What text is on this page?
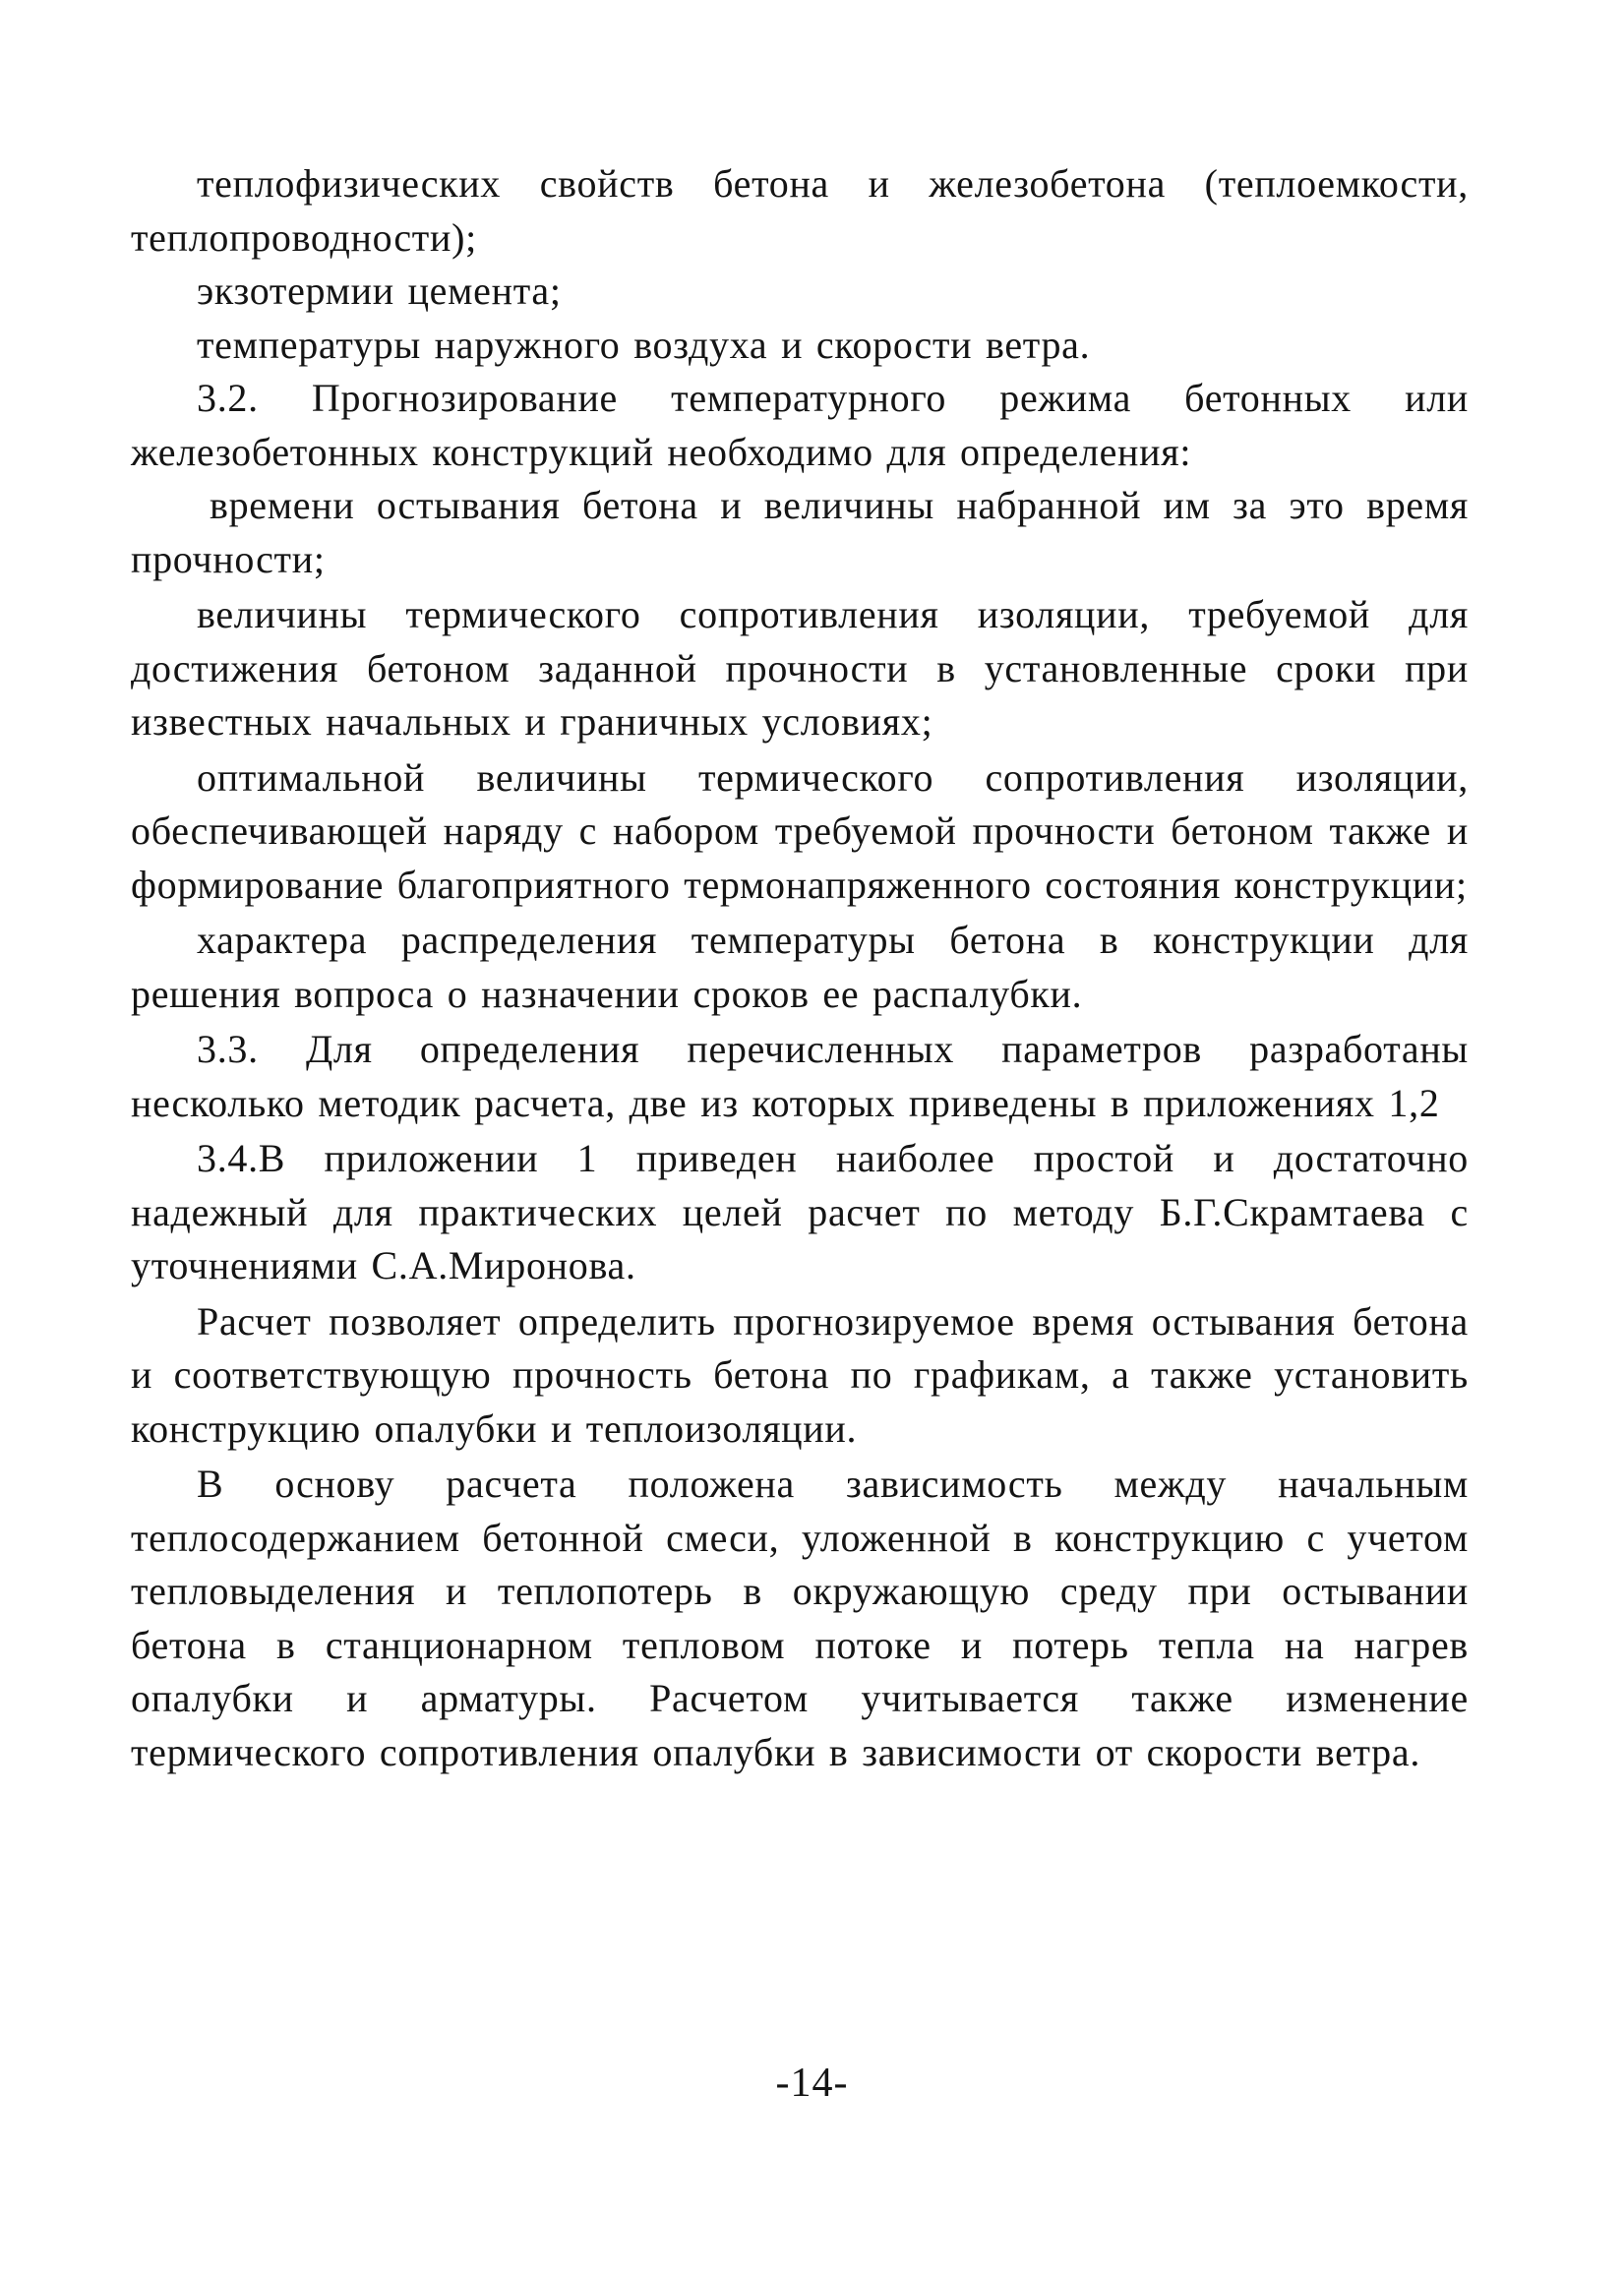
теплофизических свойств бетона и железобетона (теплоемкости, теплопроводности);

экзотермии цемента;

температуры наружного воздуха и скорости ветра.

3.2. Прогнозирование температурного режима бетонных или железобетонных конструкций необходимо для определения:

времени остывания бетона и величины набранной им за это время прочности;

величины термического сопротивления изоляции, требуемой для достижения бетоном заданной прочности в установленные сроки при известных начальных и граничных условиях;

оптимальной величины термического сопротивления изоляции, обеспечивающей наряду с набором требуемой прочности бетоном также и формирование благоприятного термонапряженного состояния конструкции;

характера распределения температуры бетона в конструкции для решения вопроса о назначении сроков ее распалубки.

3.3. Для определения перечисленных параметров разработаны несколько методик расчета, две из которых приведены в приложениях 1,2

3.4.В приложении 1 приведен наиболее простой и достаточно надежный для практических целей расчет по методу Б.Г.Скрамтаева с уточнениями С.А.Миронова.

Расчет позволяет определить прогнозируемое время остывания бетона и соответствующую прочность бетона по графикам, а также установить конструкцию опалубки и теплоизоляции.

В основу расчета положена зависимость между начальным теплосодержанием бетонной смеси, уложенной в конструкцию с учетом тепловыделения и теплопотерь в окружающую среду при остывании бетона в станционарном тепловом потоке и потерь тепла на нагрев опалубки и арматуры. Расчетом учитывается также изменение термического сопротивления опалубки в зависимости от скорости ветра.

-14-
